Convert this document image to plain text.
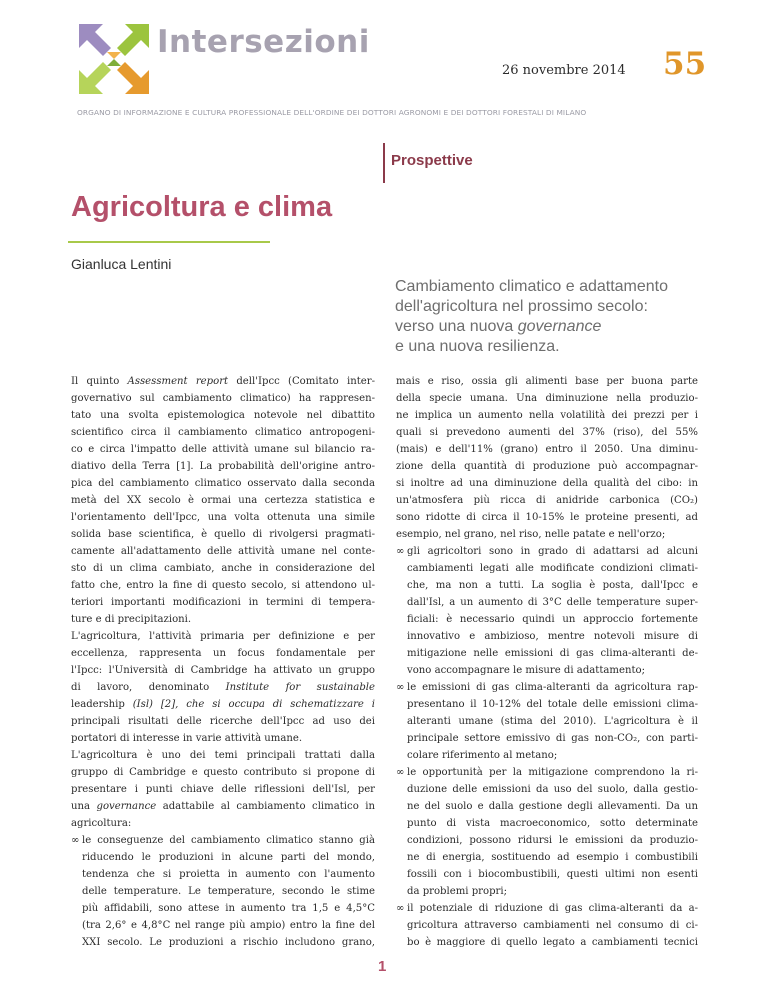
Intersezioni
26 novembre 2014 55
ORGANO DI INFORMAZIONE E CULTURA PROFESSIONALE DELL'ORDINE DEI DOTTORI AGRONOMI E DEI DOTTORI FORESTALI DI MILANO
Prospettive
Agricoltura e clima
Gianluca Lentini
Cambiamento climatico e adattamento
dell'agricoltura nel prossimo secolo:
verso una nuova governance
e una nuova resilienza.
Il quinto Assessment report dell'Ipcc (Comitato inter-
governativo sul cambiamento climatico) ha rappresen-
tato una svolta epistemologica notevole nel dibattito
scientifico circa il cambiamento climatico antropogeni-
co e circa l'impatto delle attività umane sul bilancio ra-
diativo della Terra [1]. La probabilità dell'origine antro-
pica del cambiamento climatico osservato dalla seconda
metà del XX secolo è ormai una certezza statistica e
l'orientamento dell'Ipcc, una volta ottenuta una simile
solida base scientifica, è quello di rivolgersi pragmati-
camente all'adattamento delle attività umane nel conte-
sto di un clima cambiato, anche in considerazione del
fatto che, entro la fine di questo secolo, si attendono ul-
teriori importanti modificazioni in termini di tempera-
ture e di precipitazioni.
L'agricoltura, l'attività primaria per definizione e per
eccellenza, rappresenta un focus fondamentale per
l'Ipcc: l'Università di Cambridge ha attivato un gruppo
di lavoro, denominato Institute for sustainable
leadership (Isl) [2], che si occupa di schematizzare i
principali risultati delle ricerche dell'Ipcc ad uso dei
portatori di interesse in varie attività umane.
L'agricoltura è uno dei temi principali trattati dalla
gruppo di Cambridge e questo contributo si propone di
presentare i punti chiave delle riflessioni dell'Isl, per
una governance adattabile al cambiamento climatico in
agricoltura:
∞ le conseguenze del cambiamento climatico stanno già
riducendo le produzioni in alcune parti del mondo,
tendenza che si proietta in aumento con l'aumento
delle temperature. Le temperature, secondo le stime
più affidabili, sono attese in aumento tra 1,5 e 4,5°C
(tra 2,6° e 4,8°C nel range più ampio) entro la fine del
XXI secolo. Le produzioni a rischio includono grano,
mais e riso, ossia gli alimenti base per buona parte
della specie umana. Una diminuzione nella produzio-
ne implica un aumento nella volatilità dei prezzi per i
quali si prevedono aumenti del 37% (riso), del 55%
(mais) e dell'11% (grano) entro il 2050. Una diminu-
zione della quantità di produzione può accompagnar-
si inoltre ad una diminuzione della qualità del cibo: in
un'atmosfera più ricca di anidride carbonica (CO₂)
sono ridotte di circa il 10-15% le proteine presenti, ad
esempio, nel grano, nel riso, nelle patate e nell'orzo;
∞ gli agricoltori sono in grado di adattarsi ad alcuni
cambiamenti legati alle modificate condizioni climati-
che, ma non a tutti. La soglia è posta, dall'Ipcc e
dall'Isl, a un aumento di 3°C delle temperature super-
ficiali: è necessario quindi un approccio fortemente
innovativo e ambizioso, mentre notevoli misure di
mitigazione nelle emissioni di gas clima-alteranti de-
vono accompagnare le misure di adattamento;
∞ le emissioni di gas clima-alteranti da agricoltura rap-
presentano il 10-12% del totale delle emissioni clima-
alteranti umane (stima del 2010). L'agricoltura è il
principale settore emissivo di gas non-CO₂, con parti-
colare riferimento al metano;
∞ le opportunità per la mitigazione comprendono la ri-
duzione delle emissioni da uso del suolo, dalla gestio-
ne del suolo e dalla gestione degli allevamenti. Da un
punto di vista macroeconomico, sotto determinate
condizioni, possono ridursi le emissioni da produzio-
ne di energia, sostituendo ad esempio i combustibili
fossili con i biocombustibili, questi ultimi non esenti
da problemi propri;
∞ il potenziale di riduzione di gas clima-alteranti da a-
gricoltura attraverso cambiamenti nel consumo di ci-
bo è maggiore di quello legato a cambiamenti tecnici
1
